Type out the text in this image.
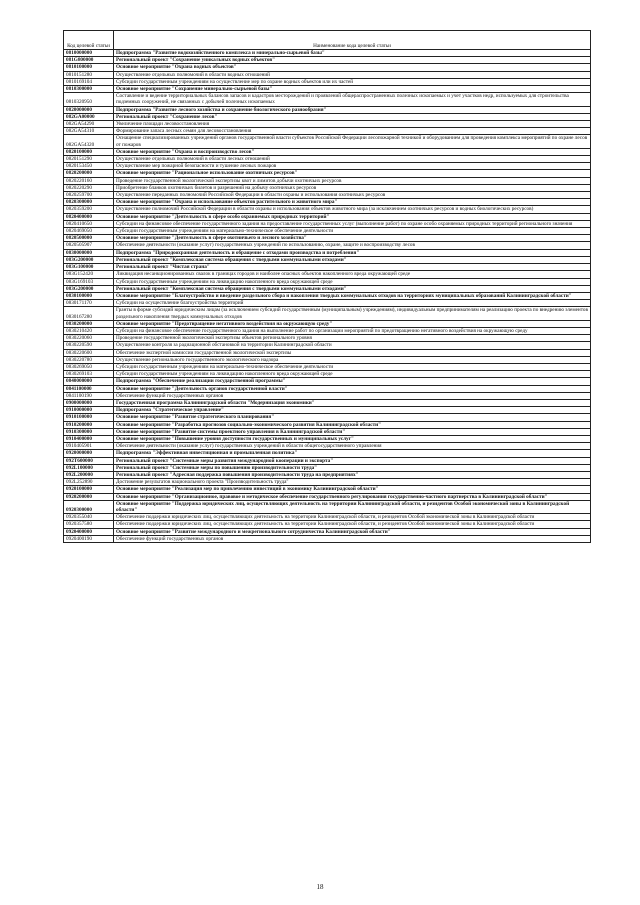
Код целевой статьи	Наименование кода целевой статьи
0810000000	Подпрограмма "Развитие водохозяйственного комплекса и минерально-сырьевой базы"
081G800000	Региональный проект "Сохранение уникальных водных объектов"
0810100000	Основное мероприятие "Охрана водных объектов"
0810151280	Осуществление отдельных полномочий в области водных отношений
0810169104	Субсидии государственным учреждениям на осуществление мер по охране водных объектов или их частей
0810300000	Основное мероприятие "Сохранение минерально-сырьевой базы"
0810320950	Составление и ведение территориальных балансов запасов и кадастров месторождений и проявлений общераспространенных полезных ископаемых и учет участков недр, используемых для строительства подземных сооружений, не связанных с добычей полезных ископаемых
0820000000	Подпрограмма "Развитие лесного хозяйства и сохранение биологического разнообразия"
082GA00000	Региональный проект "Сохранение лесов"
082GA54290	Увеличение площади лесовосстановления
082GA54310	Формирование запаса лесных семян для лесовосстановления
082GA54320	Оснащение специализированных учреждений органов государственной власти субъектов Российской Федерации лесопожарной техникой и оборудованием для проведения комплекса мероприятий по охране лесов от пожаров
0820100000	Основное мероприятие "Охрана и воспроизводство лесов"
0820151290	Осуществление отдельных полномочий в области лесных отношений
0820153450	Осуществление мер пожарной безопасности и тушение лесных пожаров
0820200000	Основное мероприятие "Рациональное использование охотничьих ресурсов"
0820220160	Проведение государственной экологической экспертизы квот и лимитов добычи охотничьих ресурсов
0820220290	Приобретение бланков охотничьих билетов и разрешений на добычу охотничьих ресурсов
0820259700	Осуществление переданных полномочий Российской Федерации в области охраны и использования охотничьих ресурсов
0820300000	Основное мероприятие "Охрана и использование объектов растительного и животного мира"
0820359200	Осуществление полномочий Российской Федерации в области охраны и использования объектов животного мира (за исключением охотничьих ресурсов и водных биологических ресурсов)
0820400000	Основное мероприятие "Деятельность в сфере особо охраняемых природных территорий"
0820410650	Субсидии на финансовое обеспечение государственного задания на предоставление государственных услуг (выполнение работ) по охране особо охраняемых природных территорий регионального значения
0820469050	Субсидии государственным учреждениям на материально-техническое обеспечение деятельности
0820500000	Основное мероприятие "Деятельность в сфере охотничьего и лесного хозяйства"
0820505907	Обеспечение деятельности (оказание услуг) государственных учреждений по использованию, охране, защите и воспроизводству лесов
0830000000	Подпрограмма "Природоохранная деятельность и обращение с отходами производства и потребления"
083G200000	Региональный проект "Комплексная система обращения с твердыми коммунальными отходами"
083G100000	Региональный проект "Чистая страна"
083G152420	Ликвидация несанкционированных свалок в границах городов и наиболее опасных объектов накопленного вреда окружающей среде
083G169103	Субсидии государственным учреждениям на ликвидацию накопленного вреда окружающей среде
083G200000	Региональный проект "Комплексная система обращения с твердыми коммунальными отходами"
0830100000	Основное мероприятие "Благоустройство и введение раздельного сбора и накопления твердых коммунальных отходов на территориях муниципальных образований Калининградской области"
0830171170	Субсидии на осуществление благоустройства территорий
0830167280	Гранты в форме субсидий юридическим лицам (за исключением субсидий государственным (муниципальным) учреждениям), индивидуальным предпринимателям на реализацию проекта по внедрению элементов раздельного накопления твердых коммунальных отходов
0830200000	Основное мероприятие "Предотвращение негативного воздействия на окружающую среду"
0830210420	Субсидии на финансовое обеспечение государственного задания на выполнение работ по организации мероприятий по предотвращению негативного воздействия на окружающую среду
0830220060	Проведение государственной экологической экспертизы объектов регионального уровня
0830220590	Осуществление контроля за радиационной обстановкой на территории Калининградской области
0830220600	Обеспечение экспертной комиссии государственной экологической экспертизы
0830220780	Осуществление регионального государственного экологического надзора
0830269050	Субсидии государственным учреждениям на материально-техническое обеспечение деятельности
0830269103	Субсидии государственным учреждениям на ликвидацию накопленного вреда окружающей среде
0840000000	Подпрограмма "Обеспечение реализации государственной программы"
0841100000	Основное мероприятие "Деятельность органов государственной власти"
0841100190	Обеспечение функций государственных органов
0900000000	Государственная программа Калининградской области "Модернизация экономики"
0910000000	Подпрограмма "Стратегическое управление"
0910100000	Основное мероприятие "Развитие стратегического планирования"
0910200000	Основное мероприятие "Разработка прогнозов социально-экономического развития Калининградской области"
0910300000	Основное мероприятие "Развитие системы проектного управления в Калининградской области"
0910400000	Основное мероприятие "Повышение уровня доступности государственных и муниципальных услуг"
0910405901	Обеспечение деятельности (оказание услуг) государственных учреждений в области общегосударственного управления
0920000000	Подпрограмма "Эффективная инвестиционная и промышленная политика"
092T600000	Региональный проект "Системные меры развития международной кооперации и экспорта"
092L100000	Региональный проект "Системные меры по повышению производительности труда"
092L200000	Региональный проект "Адресная поддержка повышения производительности труда на предприятиях"
092L252890	Достижение результатов национального проекта "Производительность труда"
0920100000	Основное мероприятие "Реализация мер по привлечению инвестиций в экономику Калининградской области"
0920200000	Основное мероприятие "Организационное, правовое и методическое обеспечение государственного регулирования государственно-частного партнерства в Калининградской области"
0920300000	Основное мероприятие "Поддержка юридических лиц, осуществляющих деятельность на территории Калининградской области, и резидентов Особой экономической зоны в Калининградской области"
0920355040	Обеспечение поддержки юридических лиц, осуществляющих деятельность на территории Калининградской области, и резидентов Особой экономической зоны в Калининградской области
0920357580	Обеспечение поддержки юридических лиц, осуществляющих деятельность на территории Калининградской области, и резидентов Особой экономической зоны в Калининградской области
0920400000	Основное мероприятие "Развитие международного и межрегионального сотрудничества Калининградской области"
0920400190	Обеспечение функций государственных органов
18
